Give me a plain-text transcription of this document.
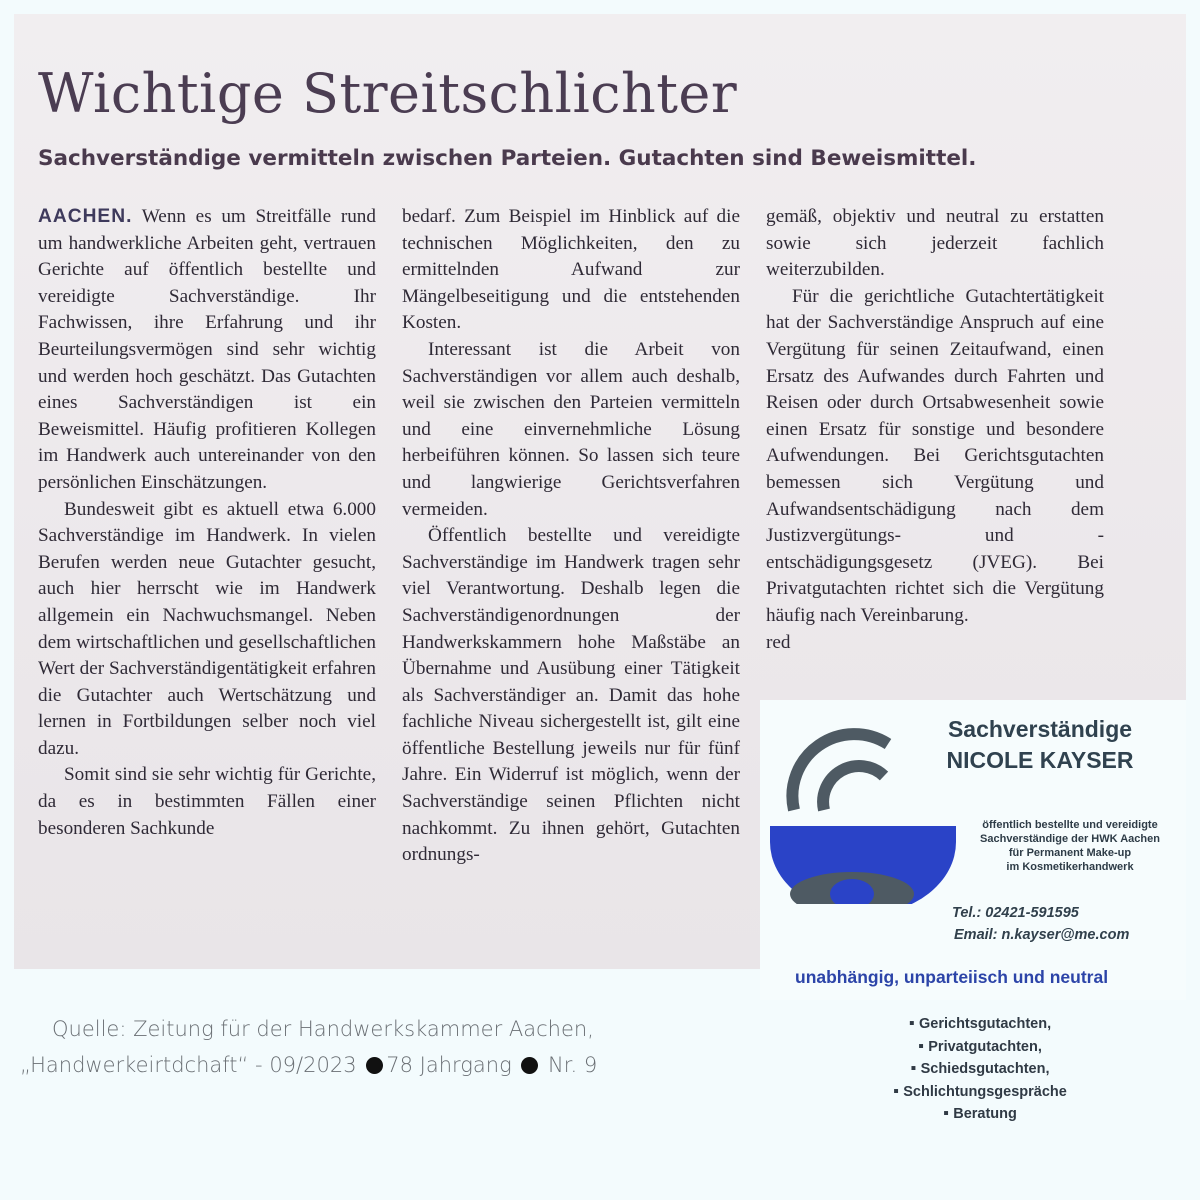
Wichtige Streitschlichter
Sachverständige vermitteln zwischen Parteien. Gutachten sind Beweismittel.

AACHEN. Wenn es um Streitfälle rund um handwerkliche Arbeiten geht, vertrauen Gerichte auf öffentlich bestellte und vereidigte Sachverständige. Ihr Fachwissen, ihre Erfahrung und ihr Beurteilungsvermögen sind sehr wichtig und werden hoch geschätzt. Das Gutachten eines Sachverständigen ist ein Beweismittel. Häufig profitieren Kollegen im Handwerk auch untereinander von den persönlichen Einschätzungen.

Bundesweit gibt es aktuell etwa 6.000 Sachverständige im Handwerk. In vielen Berufen werden neue Gutachter gesucht, auch hier herrscht wie im Handwerk allgemein ein Nachwuchsmangel. Neben dem wirtschaftlichen und gesellschaftlichen Wert der Sachverständigentätigkeit erfahren die Gutachter auch Wertschätzung und lernen in Fortbildungen selber noch viel dazu.

Somit sind sie sehr wichtig für Gerichte, da es in bestimmten Fällen einer besonderen Sachkunde

bedarf. Zum Beispiel im Hinblick auf die technischen Möglichkeiten, den zu ermittelnden Aufwand zur Mängelbeseitigung und die entstehenden Kosten.

Interessant ist die Arbeit von Sachverständigen vor allem auch deshalb, weil sie zwischen den Parteien vermitteln und eine einvernehmliche Lösung herbeiführen können. So lassen sich teure und langwierige Gerichtsverfahren vermeiden.

Öffentlich bestellte und vereidigte Sachverständige im Handwerk tragen sehr viel Verantwortung. Deshalb legen die Sachverständigenordnungen der Handwerkskammern hohe Maßstäbe an Übernahme und Ausübung einer Tätigkeit als Sachverständiger an. Damit das hohe fachliche Niveau sichergestellt ist, gilt eine öffentliche Bestellung jeweils nur für fünf Jahre. Ein Widerruf ist möglich, wenn der Sachverständige seinen Pflichten nicht nachkommt. Zu ihnen gehört, Gutachten ordnungs-

gemäß, objektiv und neutral zu erstatten sowie sich jederzeit fachlich weiterzubilden.

Für die gerichtliche Gutachtertätigkeit hat der Sachverständige Anspruch auf eine Vergütung für seinen Zeitaufwand, einen Ersatz des Aufwandes durch Fahrten und Reisen oder durch Ortsabwesenheit sowie einen Ersatz für sonstige und besondere Aufwendungen. Bei Gerichtsgutachten bemessen sich Vergütung und Aufwandsentschädigung nach dem Justizvergütungs- und -entschädigungsgesetz (JVEG). Bei Privatgutachten richtet sich die Vergütung häufig nach Vereinbarung.

red

Sachverständige
NICOLE KAYSER
öffentlich bestellte und vereidigte
Sachverständige der HWK Aachen
für Permanent Make-up
im Kosmetikerhandwerk
Tel.: 02421-591595
Email: n.kayser@me.com
unabhängig, unparteiisch und neutral
▪ Gerichtsgutachten,
▪ Privatgutachten,
▪ Schiedsgutachten,
▪ Schlichtungsgespräche
▪ Beratung
Quelle: Zeitung für der Handwerkskammer Aachen,
„Handwerkeirtdchaft“ - 09/2023 78 Jahrgang Nr. 9
